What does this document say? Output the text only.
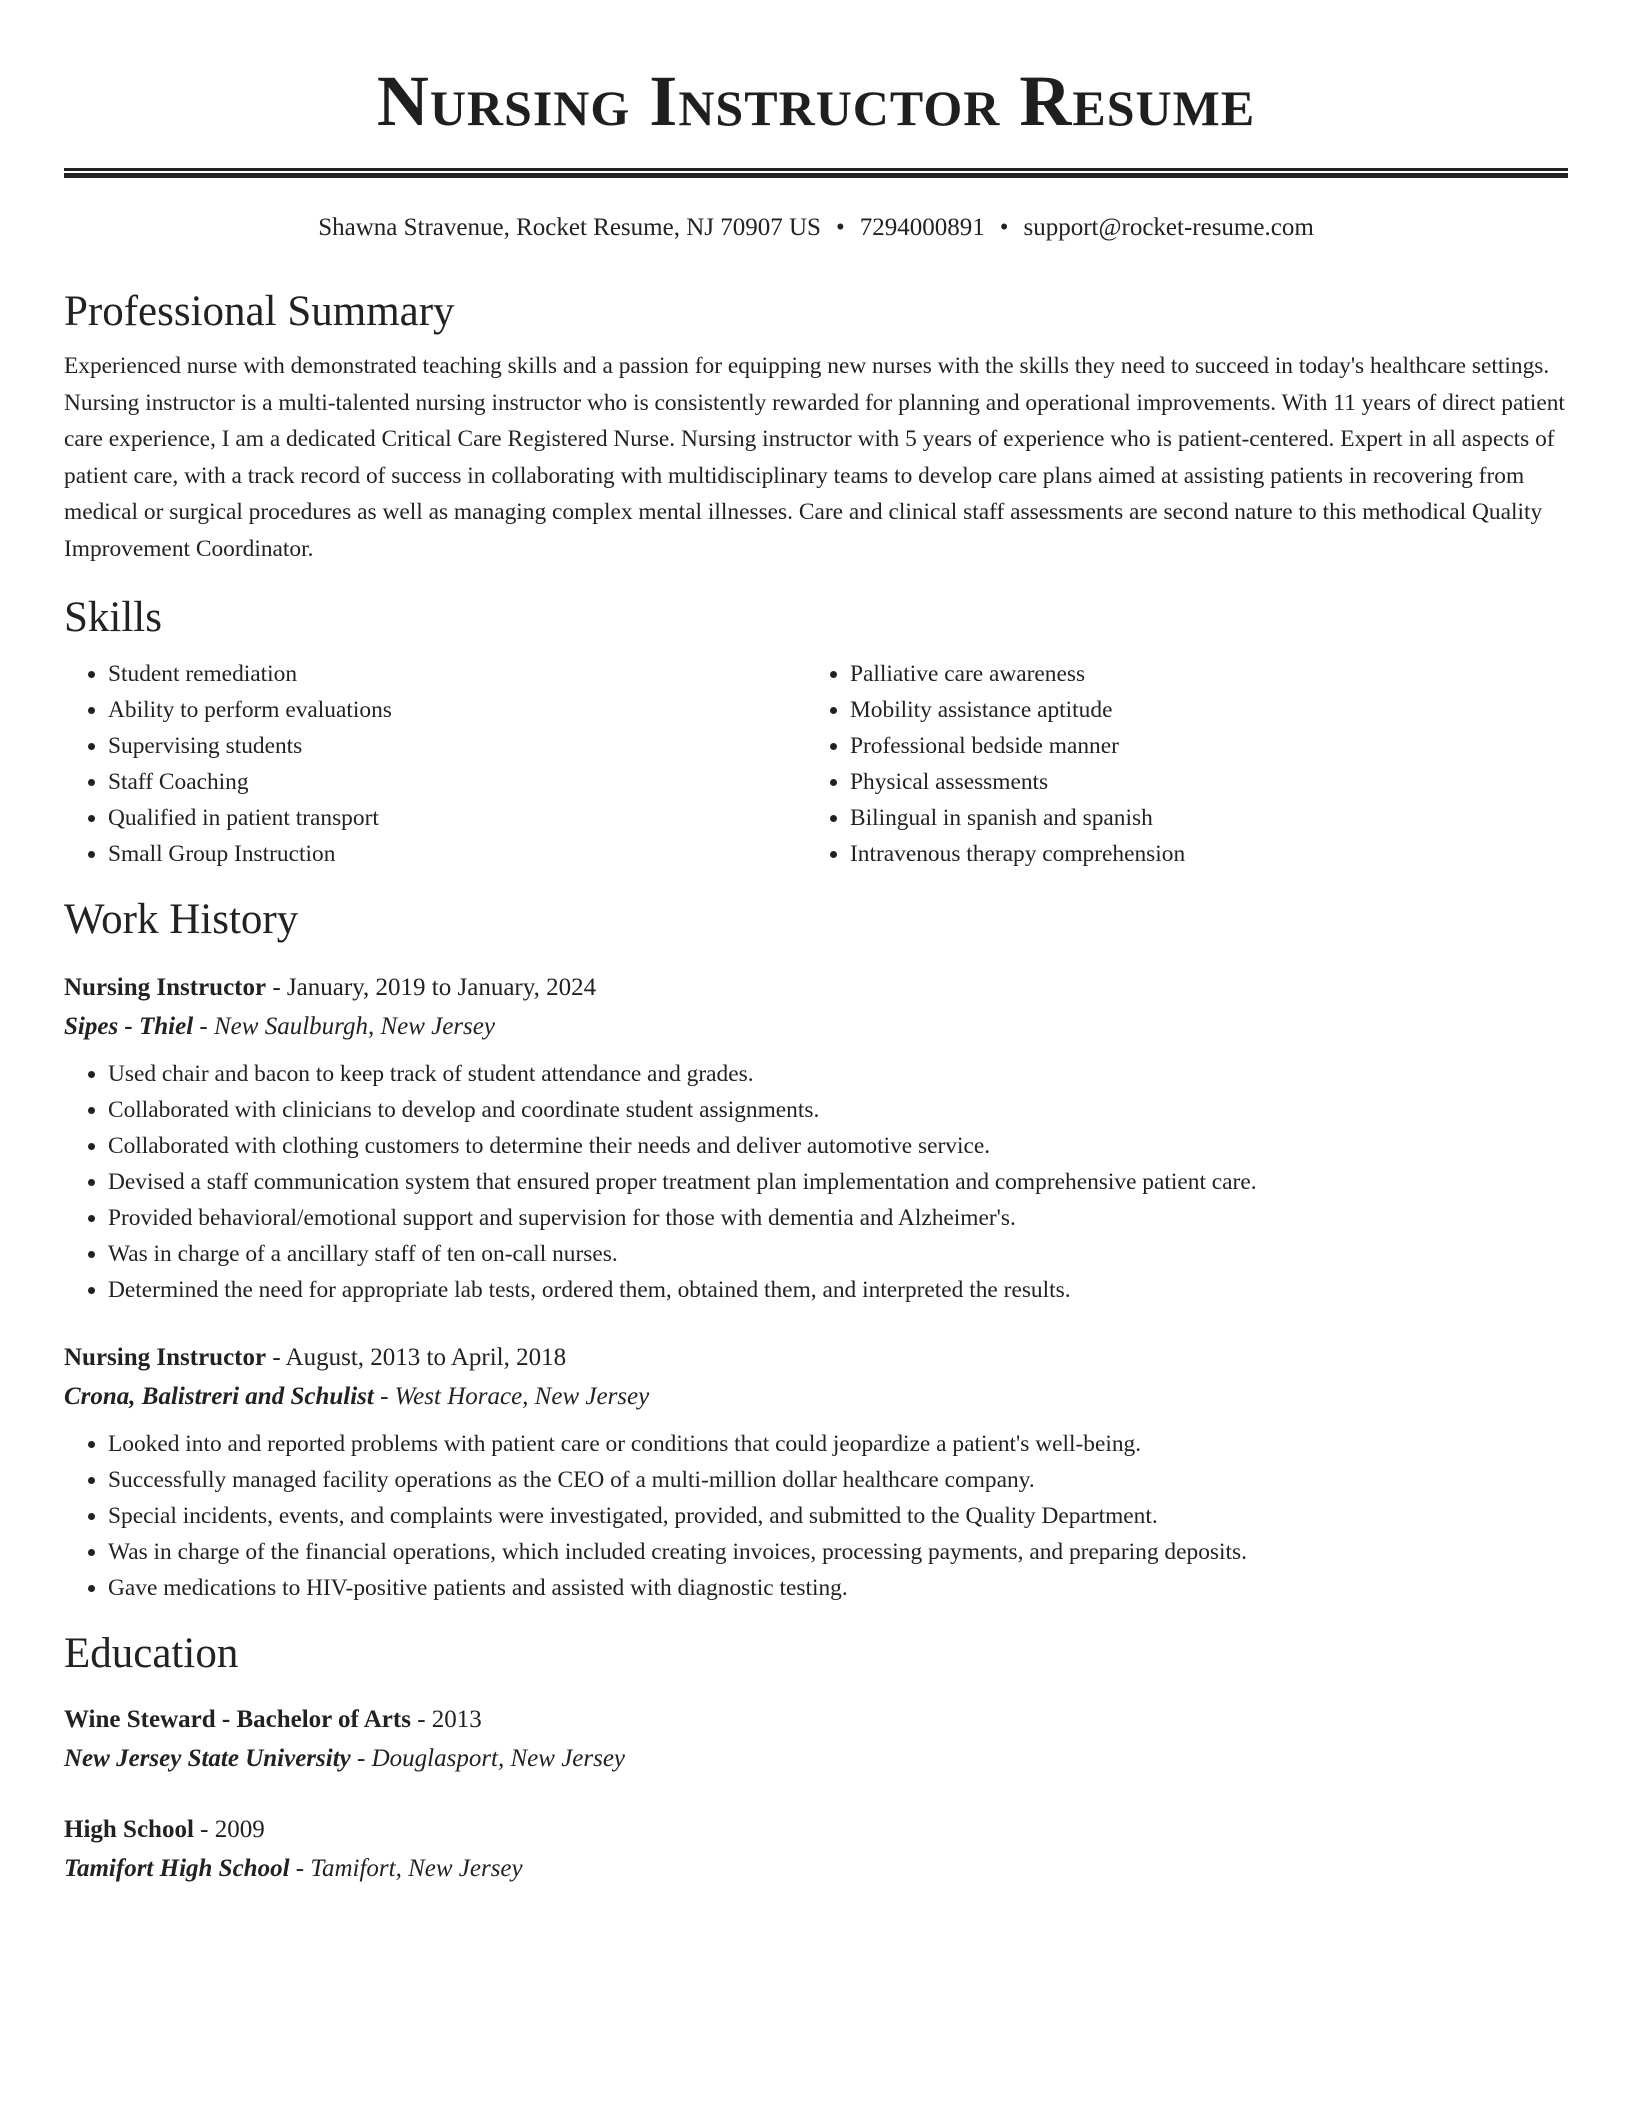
Nursing Instructor Resume
Shawna Stravenue, Rocket Resume, NJ 70907 US • 7294000891 • support@rocket-resume.com
Professional Summary

Experienced nurse with demonstrated teaching skills and a passion for equipping new nurses with the skills they need to succeed in today's healthcare settings. Nursing instructor is a multi-talented nursing instructor who is consistently rewarded for planning and operational improvements. With 11 years of direct patient care experience, I am a dedicated Critical Care Registered Nurse. Nursing instructor with 5 years of experience who is patient-centered. Expert in all aspects of patient care, with a track record of success in collaborating with multidisciplinary teams to develop care plans aimed at assisting patients in recovering from medical or surgical procedures as well as managing complex mental illnesses. Care and clinical staff assessments are second nature to this methodical Quality Improvement Coordinator.

Skills
• Student remediation
• Ability to perform evaluations
• Supervising students
• Staff Coaching
• Qualified in patient transport
• Small Group Instruction
• Palliative care awareness
• Mobility assistance aptitude
• Professional bedside manner
• Physical assessments
• Bilingual in spanish and spanish
• Intravenous therapy comprehension
Work History
Nursing Instructor - January, 2019 to January, 2024
Sipes - Thiel - New Saulburgh, New Jersey
• Used chair and bacon to keep track of student attendance and grades.
• Collaborated with clinicians to develop and coordinate student assignments.
• Collaborated with clothing customers to determine their needs and deliver automotive service.
• Devised a staff communication system that ensured proper treatment plan implementation and comprehensive patient care.
• Provided behavioral/emotional support and supervision for those with dementia and Alzheimer's.
• Was in charge of a ancillary staff of ten on-call nurses.
• Determined the need for appropriate lab tests, ordered them, obtained them, and interpreted the results.
Nursing Instructor - August, 2013 to April, 2018
Crona, Balistreri and Schulist - West Horace, New Jersey
• Looked into and reported problems with patient care or conditions that could jeopardize a patient's well-being.
• Successfully managed facility operations as the CEO of a multi-million dollar healthcare company.
• Special incidents, events, and complaints were investigated, provided, and submitted to the Quality Department.
• Was in charge of the financial operations, which included creating invoices, processing payments, and preparing deposits.
• Gave medications to HIV-positive patients and assisted with diagnostic testing.
Education
Wine Steward - Bachelor of Arts - 2013
New Jersey State University - Douglasport, New Jersey
High School - 2009
Tamifort High School - Tamifort, New Jersey
